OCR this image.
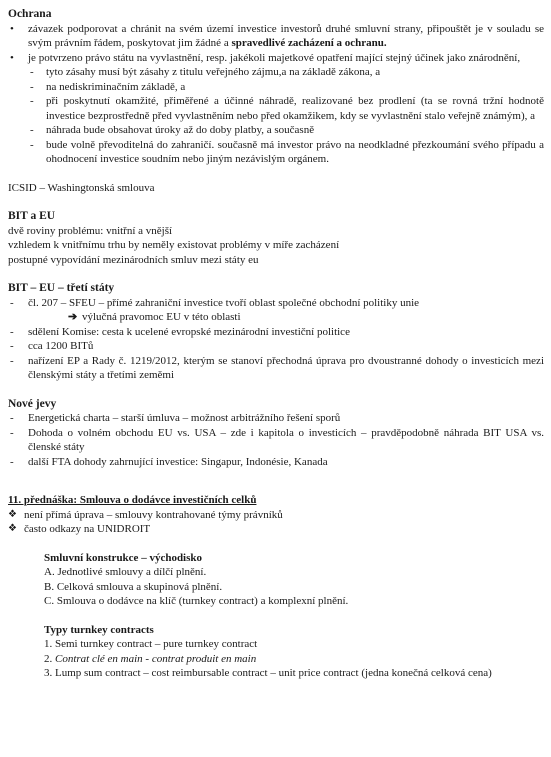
Ochrana
•	závazek podporovat a chránit na svém území investice investorů druhé smluvní strany, připouštět je v souladu se svým právním řádem, poskytovat jim žádné a spravedlivé zacházení a ochranu.
•	je potvrzeno právo státu na vyvlastnění, resp. jakékoli majetkové opatření mající stejný účinek jako znárodnění,
-	tyto zásahy musí být zásahy z titulu veřejného zájmu,a na základě zákona, a
-	na nediskriminačním základě, a
-	při poskytnutí okamžité, přiměřené a účinné náhradě, realizované bez prodlení (ta se rovná tržní hodnotě investice bezprostředně před vyvlastněním nebo před okamžikem, kdy se vyvlastnění stalo veřejně známým), a
-	náhrada bude obsahovat úroky až do doby platby, a současně
-	bude volně převoditelná do zahraničí. současně má investor právo na neodkladné přezkoumání svého případu a ohodnocení investice soudním nebo jiným nezávislým orgánem.
ICSID – Washingtonská smlouva
BIT a EU
dvě roviny problému: vnitřní a vnější
vzhledem k vnitřnímu trhu by neměly existovat problémy v míře zacházení
postupné vypovídání mezinárodních smluv mezi státy eu
BIT – EU – třetí státy
-	čl. 207 – SFEU – přímé zahraniční investice tvoří oblast společné obchodní politiky unie
➔ výlučná pravomoc EU v této oblasti
-	sdělení Komise: cesta k ucelené evropské mezinárodní investiční politice
-	cca 1200 BITů
-	nařízení EP a Rady č. 1219/2012, kterým se stanoví přechodná úprava pro dvoustranné dohody o investicích mezi členskými státy a třetími zeměmi
Nové jevy
-	Energetická charta – starší úmluva – možnost arbitrážního řešení sporů
-	Dohoda o volném obchodu EU vs. USA – zde i kapitola o investicích – pravděpodobně náhrada BIT USA vs. členské státy
-	další FTA dohody zahrnující investice: Singapur, Indonésie, Kanada
11. přednáška: Smlouva o dodávce investičních celků
❖ není přímá úprava – smlouvy kontrahované týmy právníků
❖ často odkazy na UNIDROIT
Smluvní konstrukce – východisko
A. Jednotlivé smlouvy a dílčí plnění.
B. Celková smlouva a skupinová plnění.
C. Smlouva o dodávce na klíč (turnkey contract) a komplexní plnění.
Typy turnkey contracts
1. Semi turnkey contract – pure turnkey contract
2. Contrat clé en main - contrat produit en main
3. Lump sum contract – cost reimbursable contract – unit price contract (jedna konečná celková cena)
